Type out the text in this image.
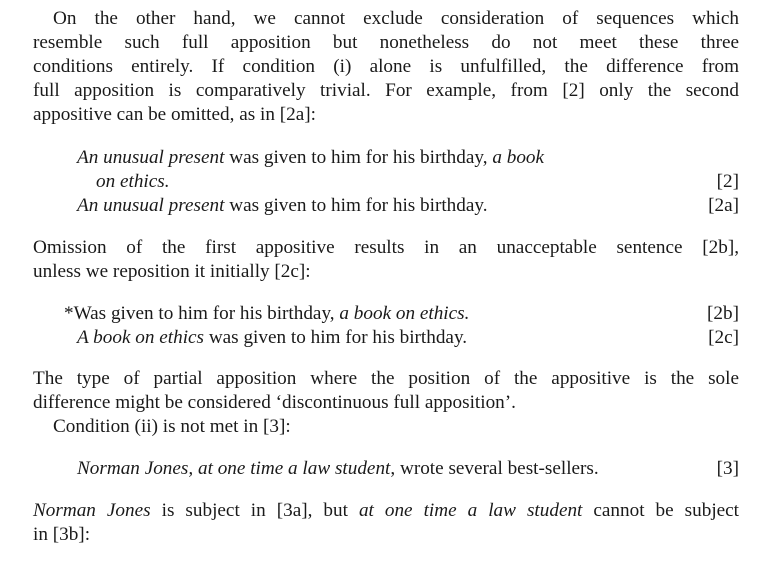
On the other hand, we cannot exclude consideration of sequences which
resemble such full apposition but nonetheless do not meet these three
conditions entirely. If condition (i) alone is unfulfilled, the difference from
full apposition is comparatively trivial. For example, from [2] only the second
appositive can be omitted, as in [2a]:
An unusual present was given to him for his birthday, a book
on ethics.	[2]
An unusual present was given to him for his birthday.	[2a]
Omission of the first appositive results in an unacceptable sentence [2b],
unless we reposition it initially [2c]:
*Was given to him for his birthday, a book on ethics.	[2b]
A book on ethics was given to him for his birthday.	[2c]
The type of partial apposition where the position of the appositive is the sole
difference might be considered ‘discontinuous full apposition’.
Condition (ii) is not met in [3]:
Norman Jones, at one time a law student, wrote several best-sellers.	[3]
Norman Jones is subject in [3a], but at one time a law student cannot be subject
in [3b]:
